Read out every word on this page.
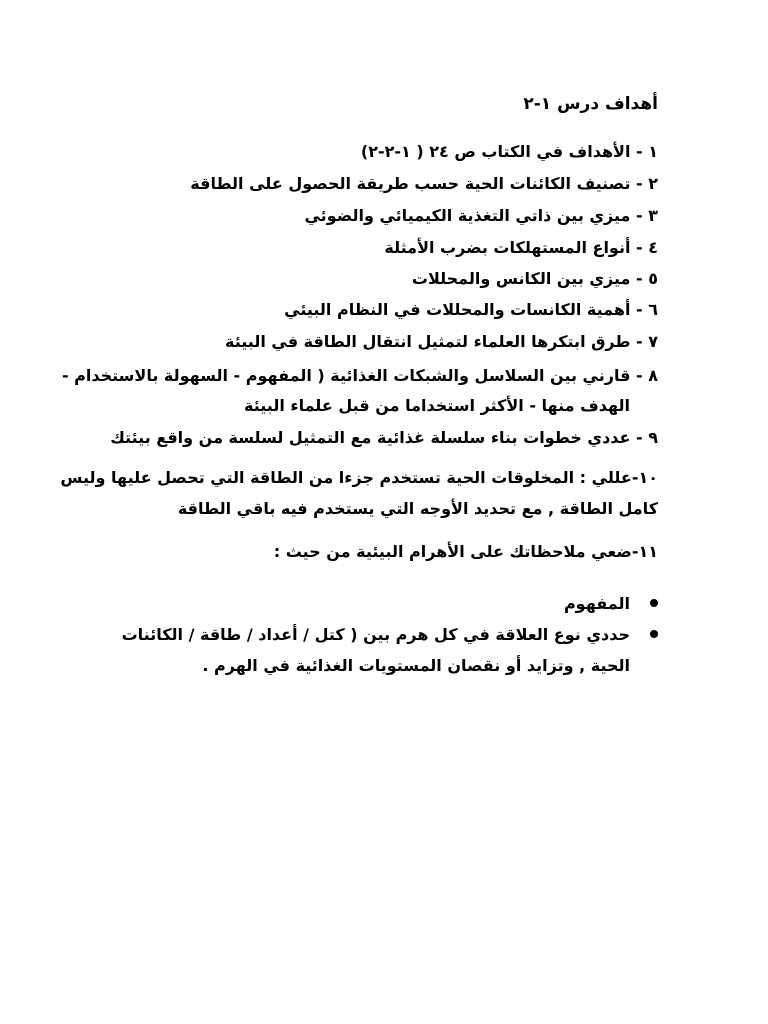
أهداف درس ١-٢

١ - الأهداف في الكتاب ص ٢٤ ( ١-٢-٢)

٢ - تصنيف الكائنات الحية حسب طريقة الحصول على الطاقة

٣ - ميزي بين ذاتي التغذية الكيميائي والضوئي

٤ - أنواع المستهلكات بضرب الأمثلة

٥ - ميزي بين الكانس والمحللات

٦ - أهمية الكانسات والمحللات في النظام البيئي

٧ - طرق ابتكرها العلماء لتمثيل انتقال الطاقة في البيئة

٨ - قارني بين السلاسل والشبكات الغذائية ( المفهوم - السهولة بالاستخدام -

الهدف منها - الأكثر استخداما من قبل علماء البيئة

٩ - عددي خطوات بناء سلسلة غذائية مع التمثيل لسلسة من واقع بيئتك

١٠-عللي : المخلوقات الحية تستخدم جزءا من الطاقة التي تحصل عليها وليس

كامل الطاقة , مع تحديد الأوجه التي يستخدم فيه باقي الطاقة

١١-ضعي ملاحظاتك على الأهرام البيئية من حيث :

المفهوم

حددي نوع العلاقة في كل هرم بين ( كتل / أعداد / طاقة / الكائنات

الحية , وتزايد أو نقصان المستويات الغذائية في الهرم .
